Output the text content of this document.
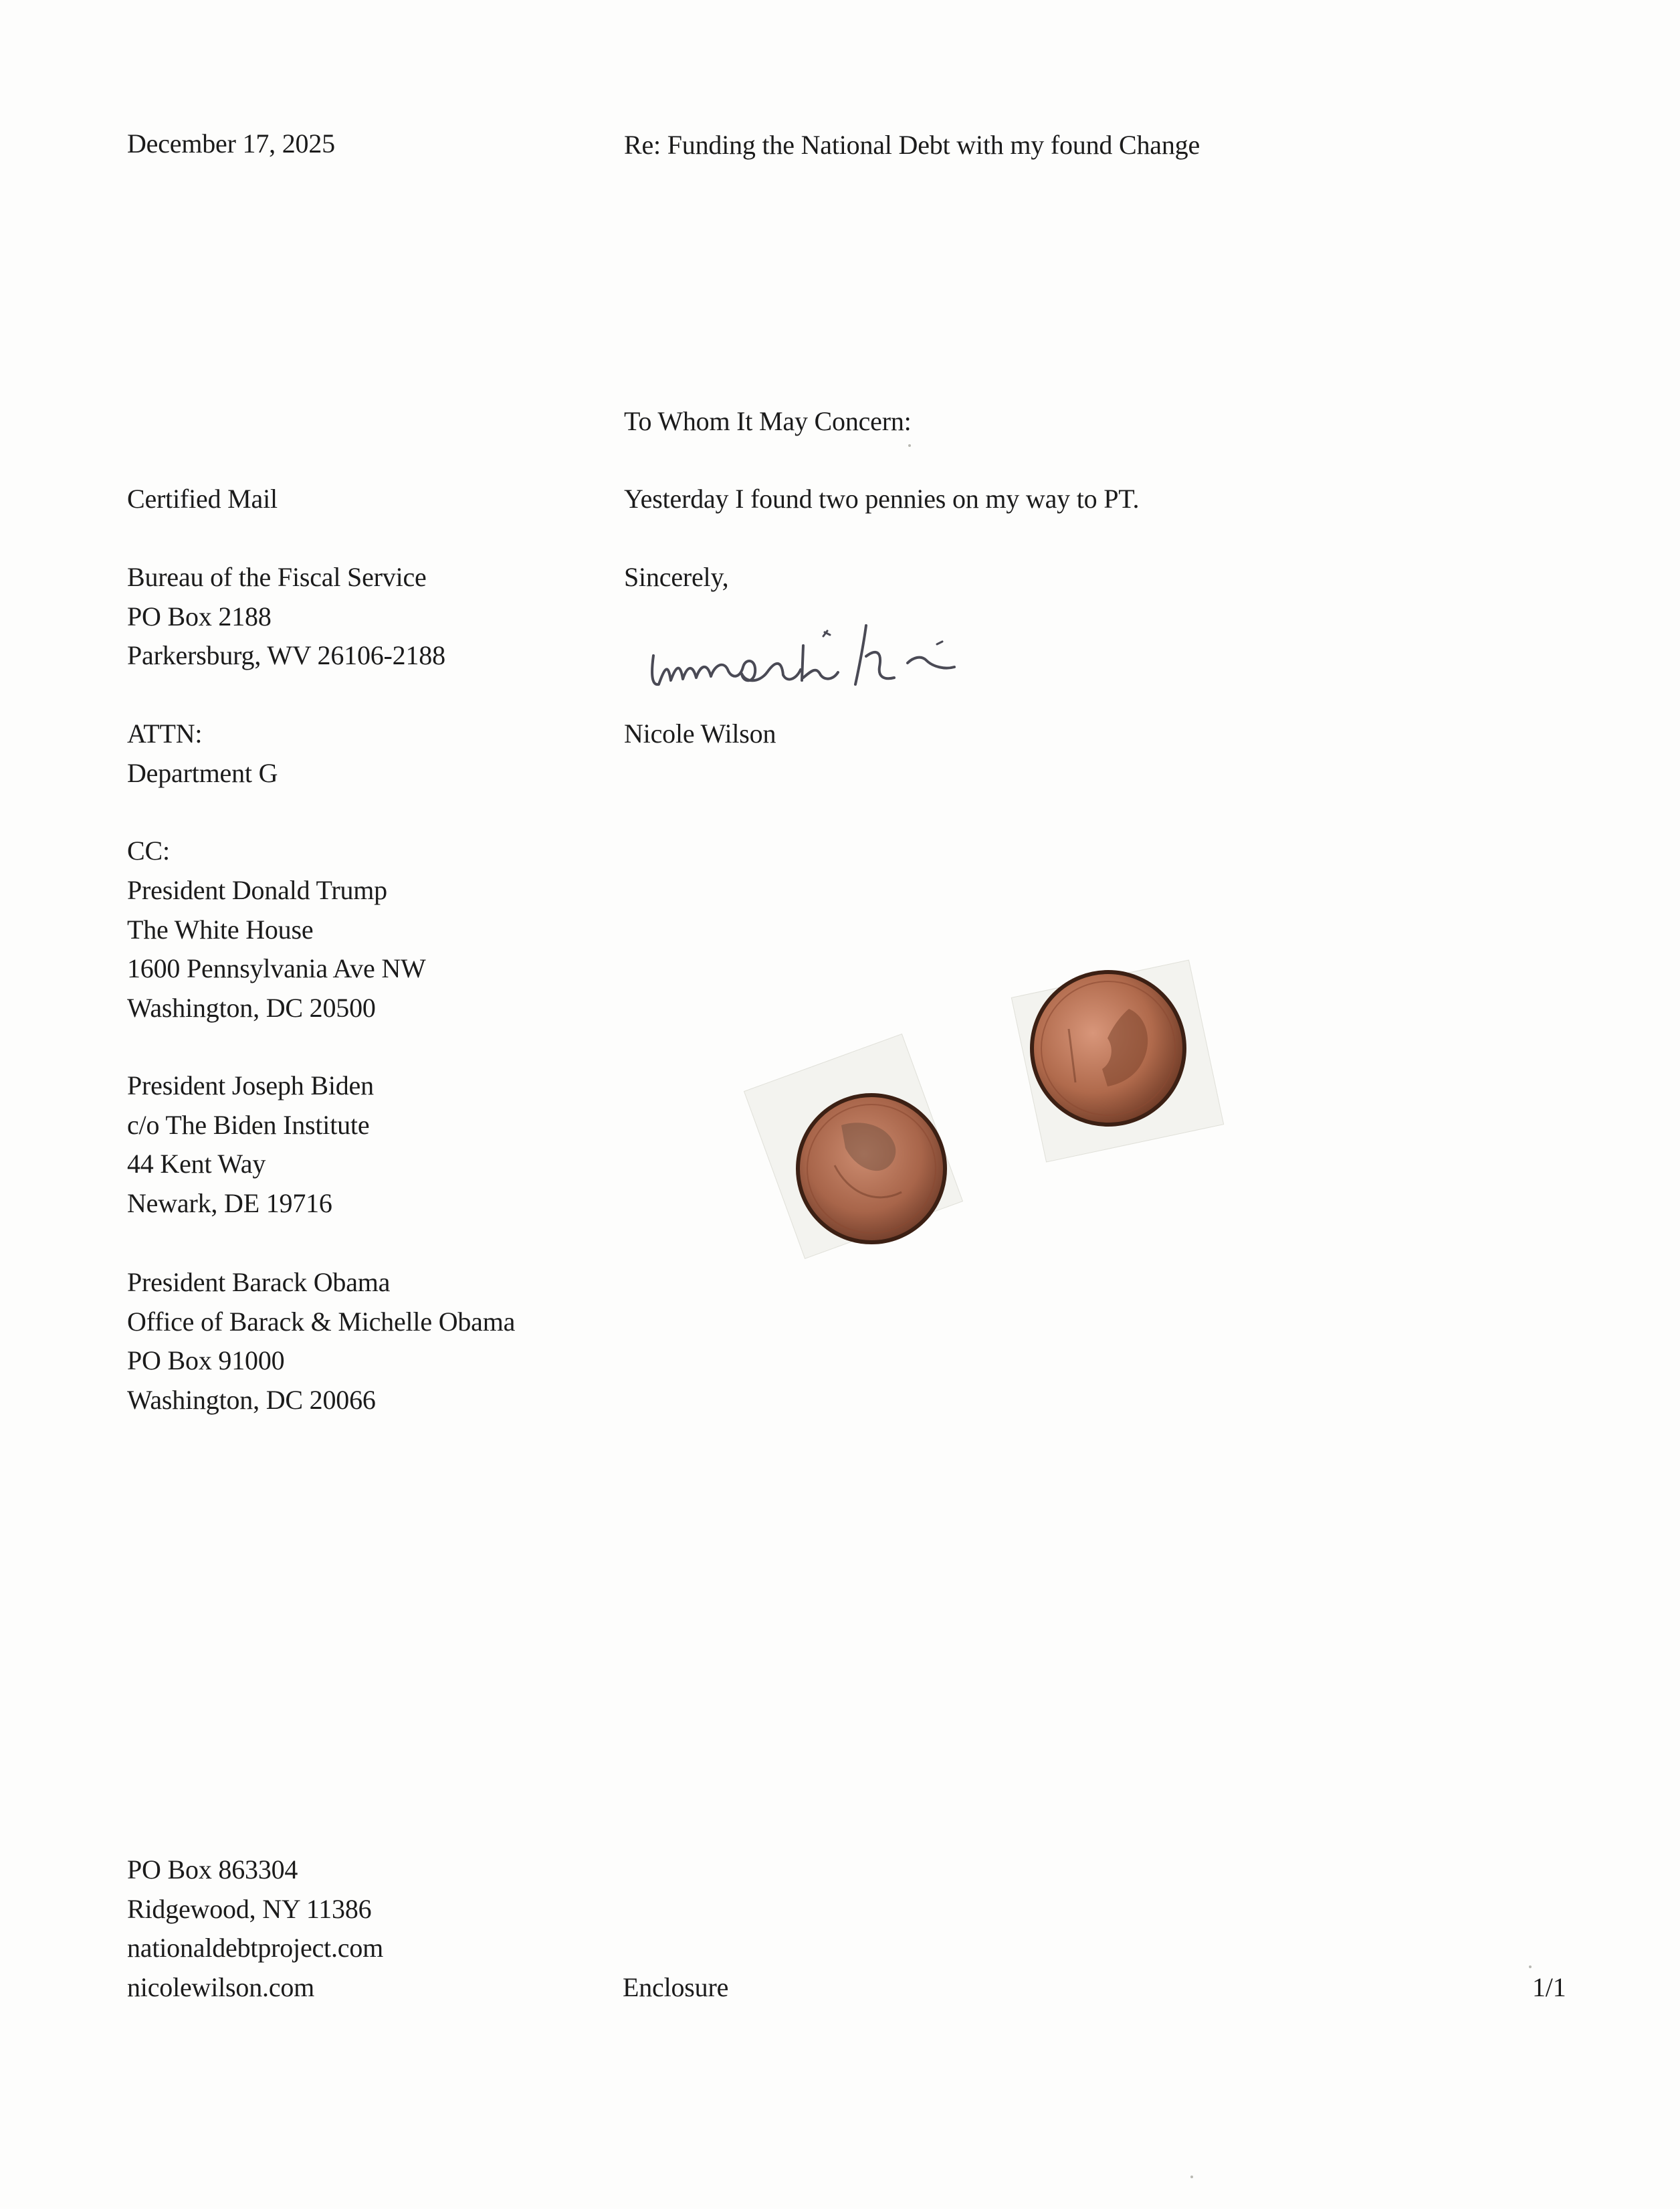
December 17, 2025	Re: Funding the National Debt with my found Change
To Whom It May Concern:
Certified Mail	Yesterday I found two pennies on my way to PT.
Sincerely,
Bureau of the Fiscal Service
PO Box 2188
Parkersburg, WV 26106-2188
ATTN:	Nicole Wilson
Department G
CC:
President Donald Trump
The White House
1600 Pennsylvania Ave NW
Washington, DC 20500
President Joseph Biden
c/o The Biden Institute
44 Kent Way
Newark, DE 19716
President Barack Obama
Office of Barack & Michelle Obama
PO Box 91000
Washington, DC 20066
PO Box 863304
Ridgewood, NY 11386
nationaldebtproject.com
nicolewilson.com	Enclosure	1/1
